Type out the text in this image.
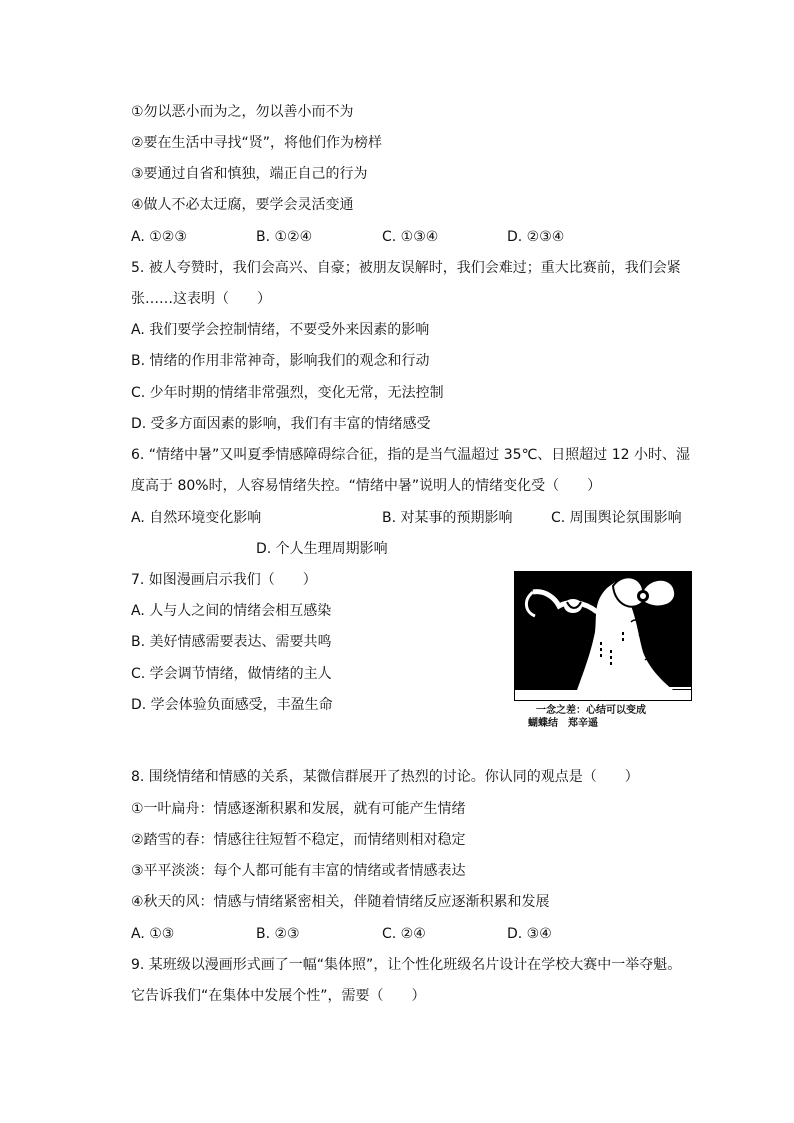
①勿以恶小而为之，勿以善小而不为
②要在生活中寻找“贤”，将他们作为榜样
③要通过自省和慎独，端正自己的行为
④做人不必太迂腐，要学会灵活变通
A. ①②③	B. ①②④	C. ①③④	D. ②③④
5. 被人夸赞时，我们会高兴、自豪；被朋友误解时，我们会难过；重大比赛前，我们会紧
张……这表明（　　）
A. 我们要学会控制情绪，不要受外来因素的影响
B. 情绪的作用非常神奇，影响我们的观念和行动
C. 少年时期的情绪非常强烈，变化无常，无法控制
D. 受多方面因素的影响，我们有丰富的情绪感受
6. “情绪中暑”又叫夏季情感障碍综合征，指的是当气温超过 35℃、日照超过 12 小时、湿
度高于 80%时，人容易情绪失控。“情绪中暑”说明人的情绪变化受（　　）
A. 自然环境变化影响	B. 对某事的预期影响	C. 周围舆论氛围影响
D. 个人生理周期影响
7. 如图漫画启示我们（　　）
A. 人与人之间的情绪会相互感染
B. 美好情感需要表达、需要共鸣
C. 学会调节情绪，做情绪的主人
D. 学会体验负面感受，丰盈生命	一念之差：心结可以变成
蝴蝶结　郑辛遥
8. 围绕情绪和情感的关系，某微信群展开了热烈的讨论。你认同的观点是（　　）
①一叶扁舟：情感逐渐积累和发展，就有可能产生情绪
②踏雪的春：情感往往短暂不稳定，而情绪则相对稳定
③平平淡淡：每个人都可能有丰富的情绪或者情感表达
④秋天的风：情感与情绪紧密相关，伴随着情绪反应逐渐积累和发展
A. ①③	B. ②③	C. ②④	D. ③④
9. 某班级以漫画形式画了一幅“集体照”，让个性化班级名片设计在学校大赛中一举夺魁。
它告诉我们“在集体中发展个性”，需要（　　）
